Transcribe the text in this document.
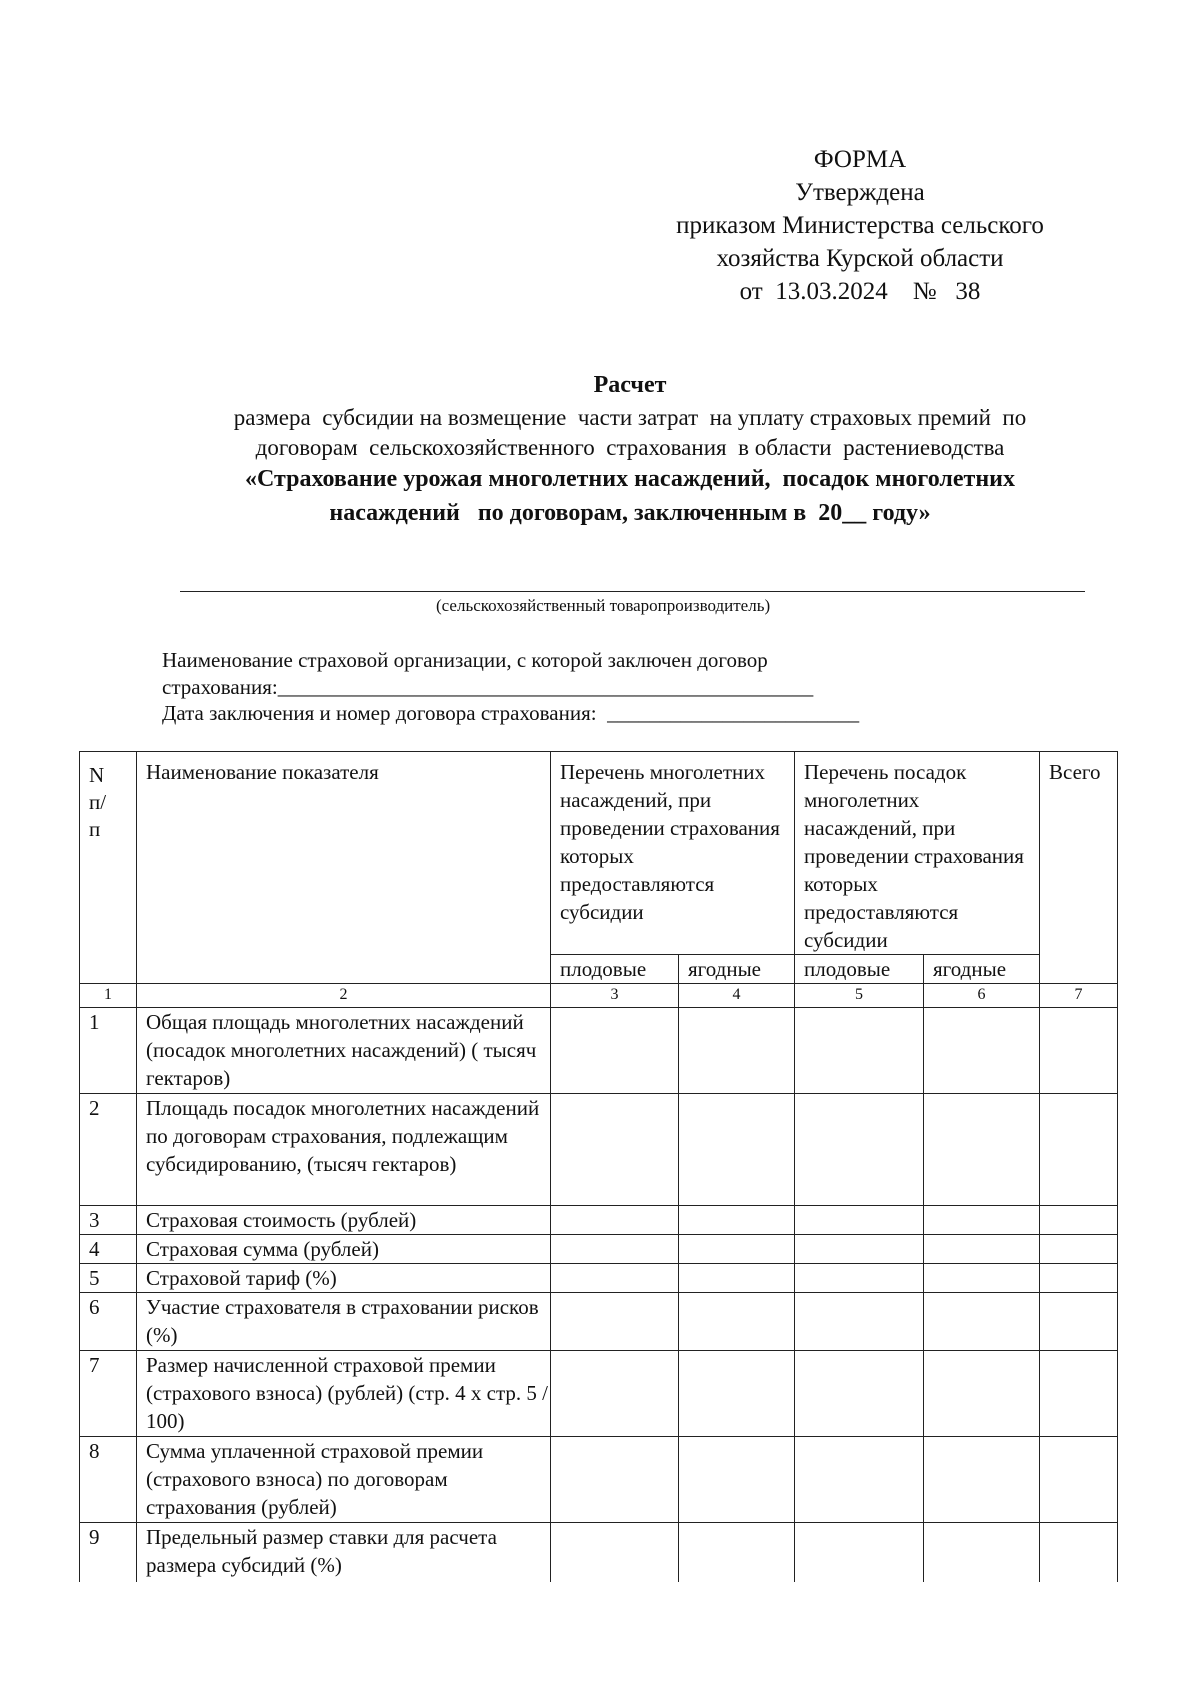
ФОРМА
Утверждена
приказом Министерства сельского
хозяйства Курской области
от  13.03.2024    №   38
Расчет
размера  субсидии на возмещение  части затрат  на уплату страховых премий  по
договорам  сельскохозяйственного  страхования  в области  растениеводства
«Страхование урожая многолетних насаждений,  посадок многолетних
насаждений   по договорам, заключенным в  20__ году»
(сельскохозяйственный товаропроизводитель)
Наименование страховой организации, с которой заключен договор
страхования:___________________________________________________
Дата заключения и номер договора страхования:  ________________________
N п/п	Наименование показателя	Перечень многолетних насаждений, при проведении страхования которых предоставляются субсидии		Перечень посадок многолетних насаждений, при проведении страхования которых предоставляются субсидии		Всего
		плодовые	ягодные	плодовые	ягодные	
1	2	3	4	5	6	7
1	Общая площадь многолетних насаждений (посадок многолетних насаждений) ( тысяч гектаров)					
2	Площадь посадок многолетних насаждений по договорам страхования, подлежащим субсидированию, (тысяч гектаров)					
3	Страховая стоимость (рублей)					
4	Страховая сумма (рублей)					
5	Страховой тариф (%)					
6	Участие страхователя в страховании рисков (%)					
7	Размер начисленной страховой премии (страхового взноса) (рублей) (стр. 4 х стр. 5 / 100)					
8	Сумма уплаченной страховой премии (страхового взноса) по договорам страхования (рублей)					
9	Предельный размер ставки для расчета размера субсидий (%)					
